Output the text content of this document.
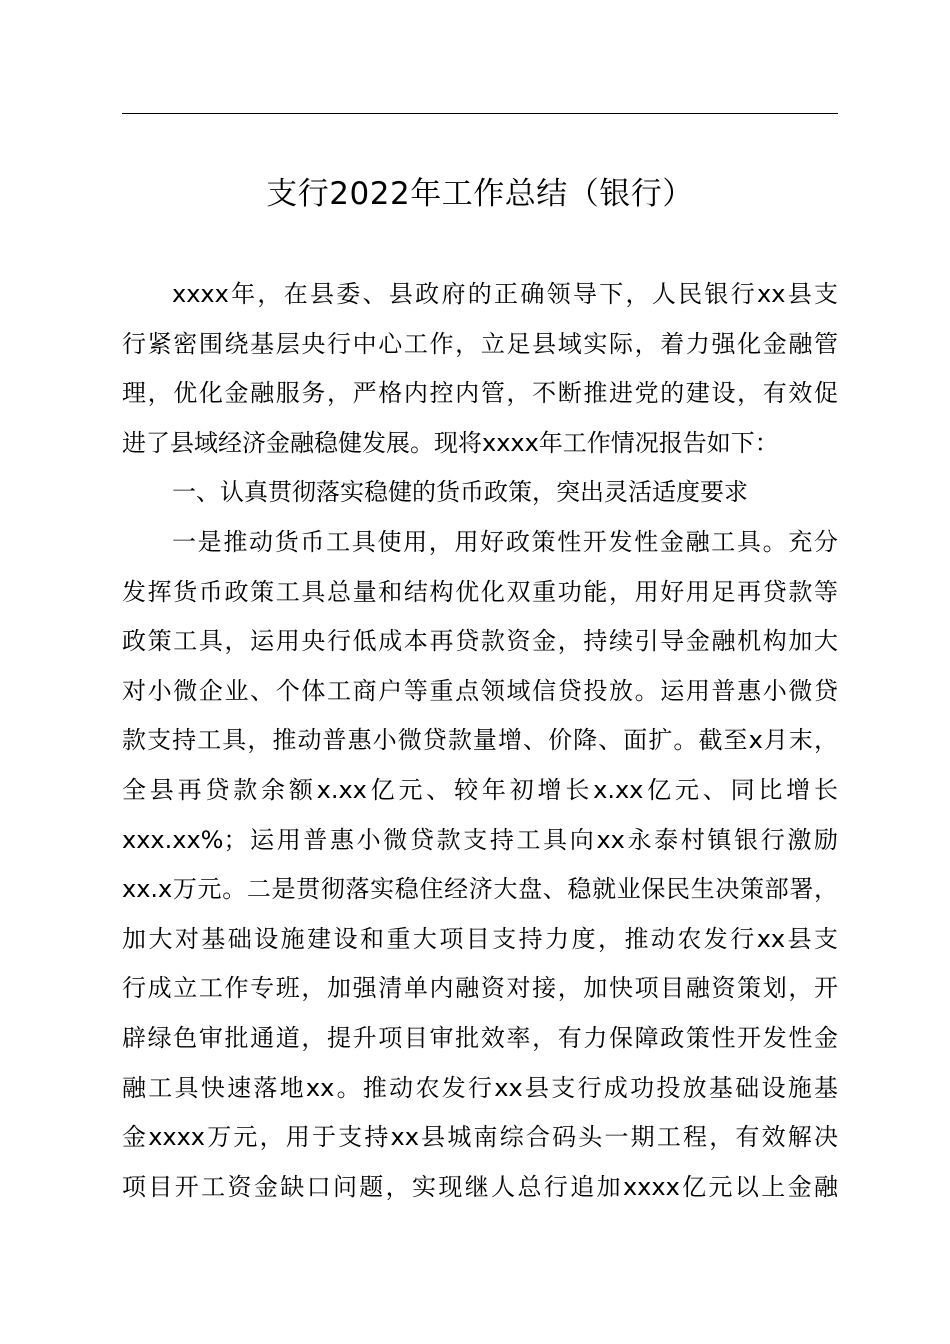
支行2022年工作总结（银行）
xxxx年，在县委、县政府的正确领导下，人民银行xx县支
行紧密围绕基层央行中心工作，立足县域实际，着力强化金融管
理，优化金融服务，严格内控内管，不断推进党的建设，有效促
进了县域经济金融稳健发展。现将xxxx年工作情况报告如下：
一、认真贯彻落实稳健的货币政策，突出灵活适度要求
一是推动货币工具使用，用好政策性开发性金融工具。充分
发挥货币政策工具总量和结构优化双重功能，用好用足再贷款等
政策工具，运用央行低成本再贷款资金，持续引导金融机构加大
对小微企业、个体工商户等重点领域信贷投放。运用普惠小微贷
款支持工具，推动普惠小微贷款量增、价降、面扩。截至x月末，
全县再贷款余额x.xx亿元、较年初增长x.xx亿元、同比增长
xxx.xx%；运用普惠小微贷款支持工具向xx永泰村镇银行激励
xx.x万元。二是贯彻落实稳住经济大盘、稳就业保民生决策部署，
加大对基础设施建设和重大项目支持力度，推动农发行xx县支
行成立工作专班，加强清单内融资对接，加快项目融资策划，开
辟绿色审批通道，提升项目审批效率，有力保障政策性开发性金
融工具快速落地xx。推动农发行xx县支行成功投放基础设施基
金xxxx万元，用于支持xx县城南综合码头一期工程，有效解决
项目开工资金缺口问题，实现继人总行追加xxxx亿元以上金融
